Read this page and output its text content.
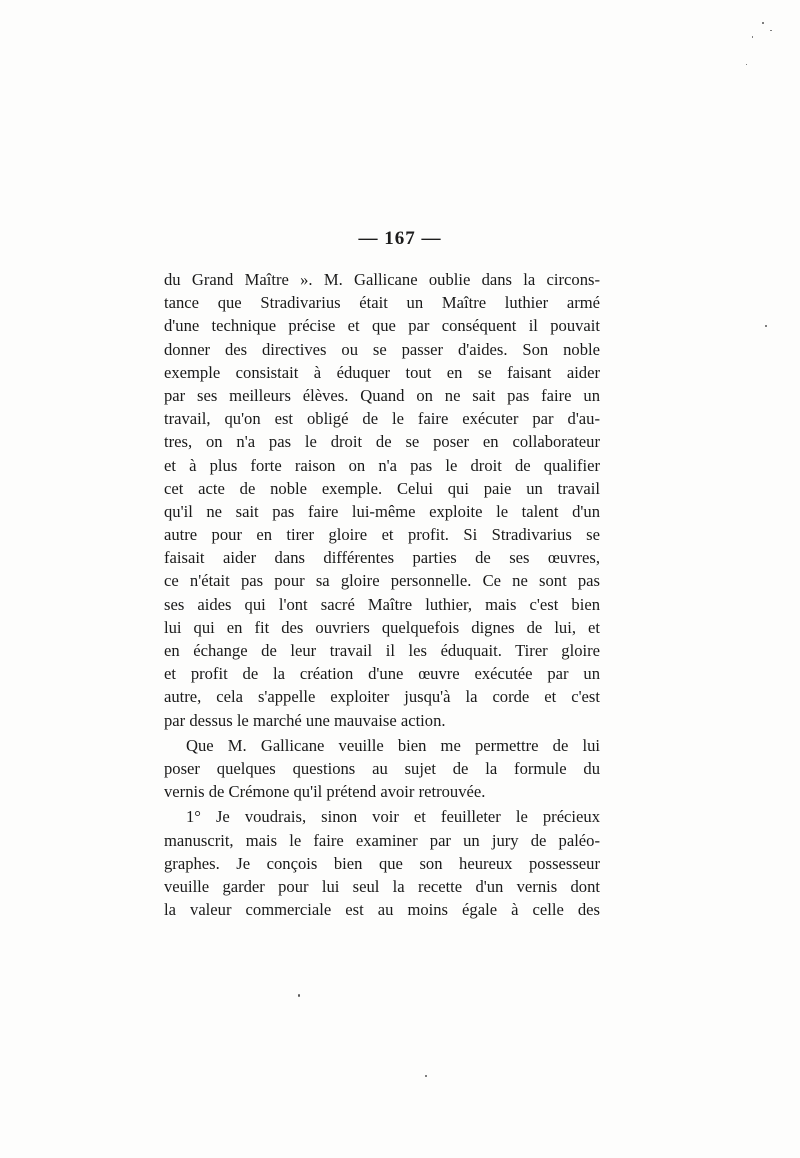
— 167 —
du Grand Maître ». M. Gallicane oublie dans la circons-
tance que Stradivarius était un Maître luthier armé
d'une technique précise et que par conséquent il pouvait
donner des directives ou se passer d'aides. Son noble
exemple consistait à éduquer tout en se faisant aider
par ses meilleurs élèves. Quand on ne sait pas faire un
travail, qu'on est obligé de le faire exécuter par d'au-
tres, on n'a pas le droit de se poser en collaborateur
et à plus forte raison on n'a pas le droit de qualifier
cet acte de noble exemple. Celui qui paie un travail
qu'il ne sait pas faire lui-même exploite le talent d'un
autre pour en tirer gloire et profit. Si Stradivarius se
faisait aider dans différentes parties de ses œuvres,
ce n'était pas pour sa gloire personnelle. Ce ne sont pas
ses aides qui l'ont sacré Maître luthier, mais c'est bien
lui qui en fit des ouvriers quelquefois dignes de lui, et
en échange de leur travail il les éduquait. Tirer gloire
et profit de la création d'une œuvre exécutée par un
autre, cela s'appelle exploiter jusqu'à la corde et c'est
par dessus le marché une mauvaise action.
Que M. Gallicane veuille bien me permettre de lui
poser quelques questions au sujet de la formule du
vernis de Crémone qu'il prétend avoir retrouvée.
1° Je voudrais, sinon voir et feuilleter le précieux
manuscrit, mais le faire examiner par un jury de paléo-
graphes. Je conçois bien que son heureux possesseur
veuille garder pour lui seul la recette d'un vernis dont
la valeur commerciale est au moins égale à celle des
